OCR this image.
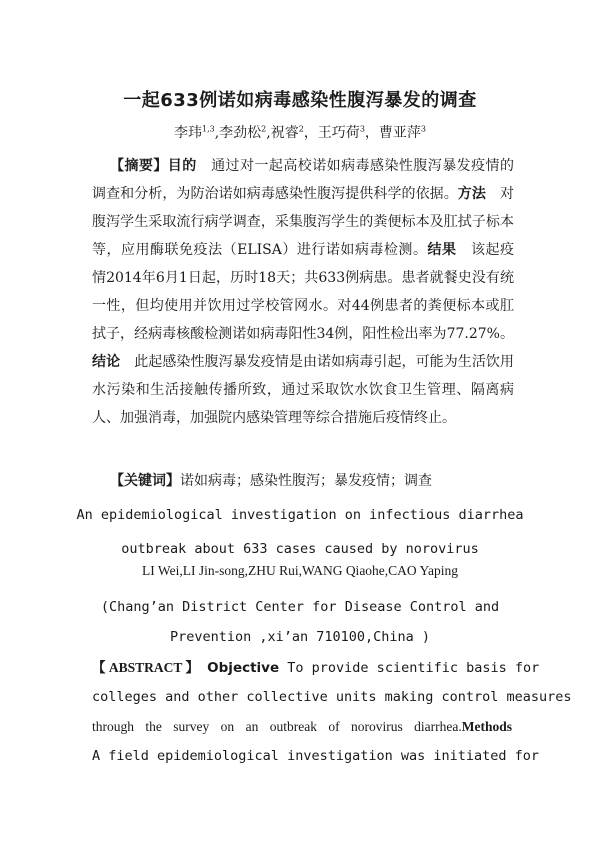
一起633例诺如病毒感染性腹泻暴发的调查
李玮$^{1,3}$,李劲松$^2$,祝睿$^2$，王巧荷$^3$，曹亚萍$^3$
【摘要】目的 通过对一起高校诺如病毒感染性腹泻暴发疫情的调查和分析，为防治诺如病毒感染性腹泻提供科学的依据。方法 对腹泻学生采取流行病学调查，采集腹泻学生的粪便标本及肛拭子标本等，应用酶联免疫法（ELISA）进行诺如病毒检测。结果 该起疫情2014年6月1日起，历时18天；共633例病患。患者就餐史没有统一性，但均使用并饮用过学校管网水。对44例患者的粪便标本或肛拭子，经病毒核酸检测诺如病毒阳性34例，阳性检出率为77.27%。结论 此起感染性腹泻暴发疫情是由诺如病毒引起，可能为生活饮用水污染和生活接触传播所致，通过采取饮水饮食卫生管理、隔离病人、加强消毒，加强院内感染管理等综合措施后疫情终止。
【关键词】诺如病毒；感染性腹泻；暴发疫情；调查
An epidemiological investigation on infectious diarrhea
outbreak about 633 cases caused by norovirus
LI Wei,LI Jin-song,ZHU Rui,WANG Qiaohe,CAO Yaping
(Chang’an District Center for Disease Control and
Prevention ,xi’an 710100,China )
【 ABSTRACT 】 Objective To provide scientific basis for
colleges and other collective units making control measures
through the survey on an outbreak of norovirus diarrhea.Methods
A field epidemiological investigation was initiated for
